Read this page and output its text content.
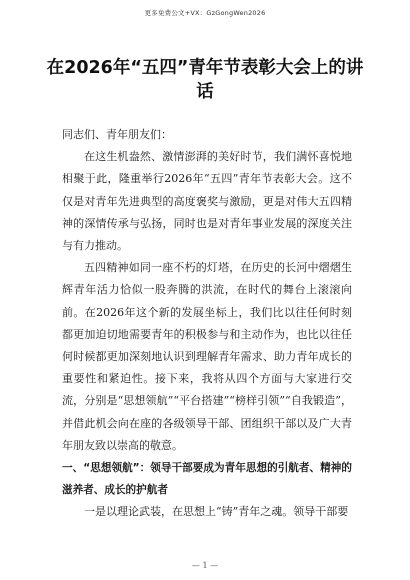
更多免费公文+VX：GzGongWen2026
在2026年“五四”青年节表彰大会上的讲话

同志们、青年朋友们：

在这生机盎然、激情澎湃的美好时节，我们满怀喜悦地相聚于此，隆重举行2026年“五四”青年节表彰大会。这不仅是对青年先进典型的高度褒奖与激励，更是对伟大五四精神的深情传承与弘扬，同时也是对青年事业发展的深度关注与有力推动。

五四精神如同一座不朽的灯塔，在历史的长河中熠熠生辉青年活力恰似一股奔腾的洪流，在时代的舞台上滚滚向前。在2026年这个新的发展坐标上，我们比以往任何时刻都更加迫切地需要青年的积极参与和主动作为，也比以往任何时候都更加深刻地认识到理解青年需求、助力青年成长的重要性和紧迫性。接下来，我将从四个方面与大家进行交流，分别是“思想领航”“平台搭建”“榜样引领”“自我锻造”，并借此机会向在座的各级领导干部、团组织干部以及广大青年朋友致以崇高的敬意。

一、“思想领航”：领导干部要成为青年思想的引航者、精神的滋养者、成长的护航者

一是以理论武装，在思想上“铸”青年之魂。领导干部要

— 1 —
